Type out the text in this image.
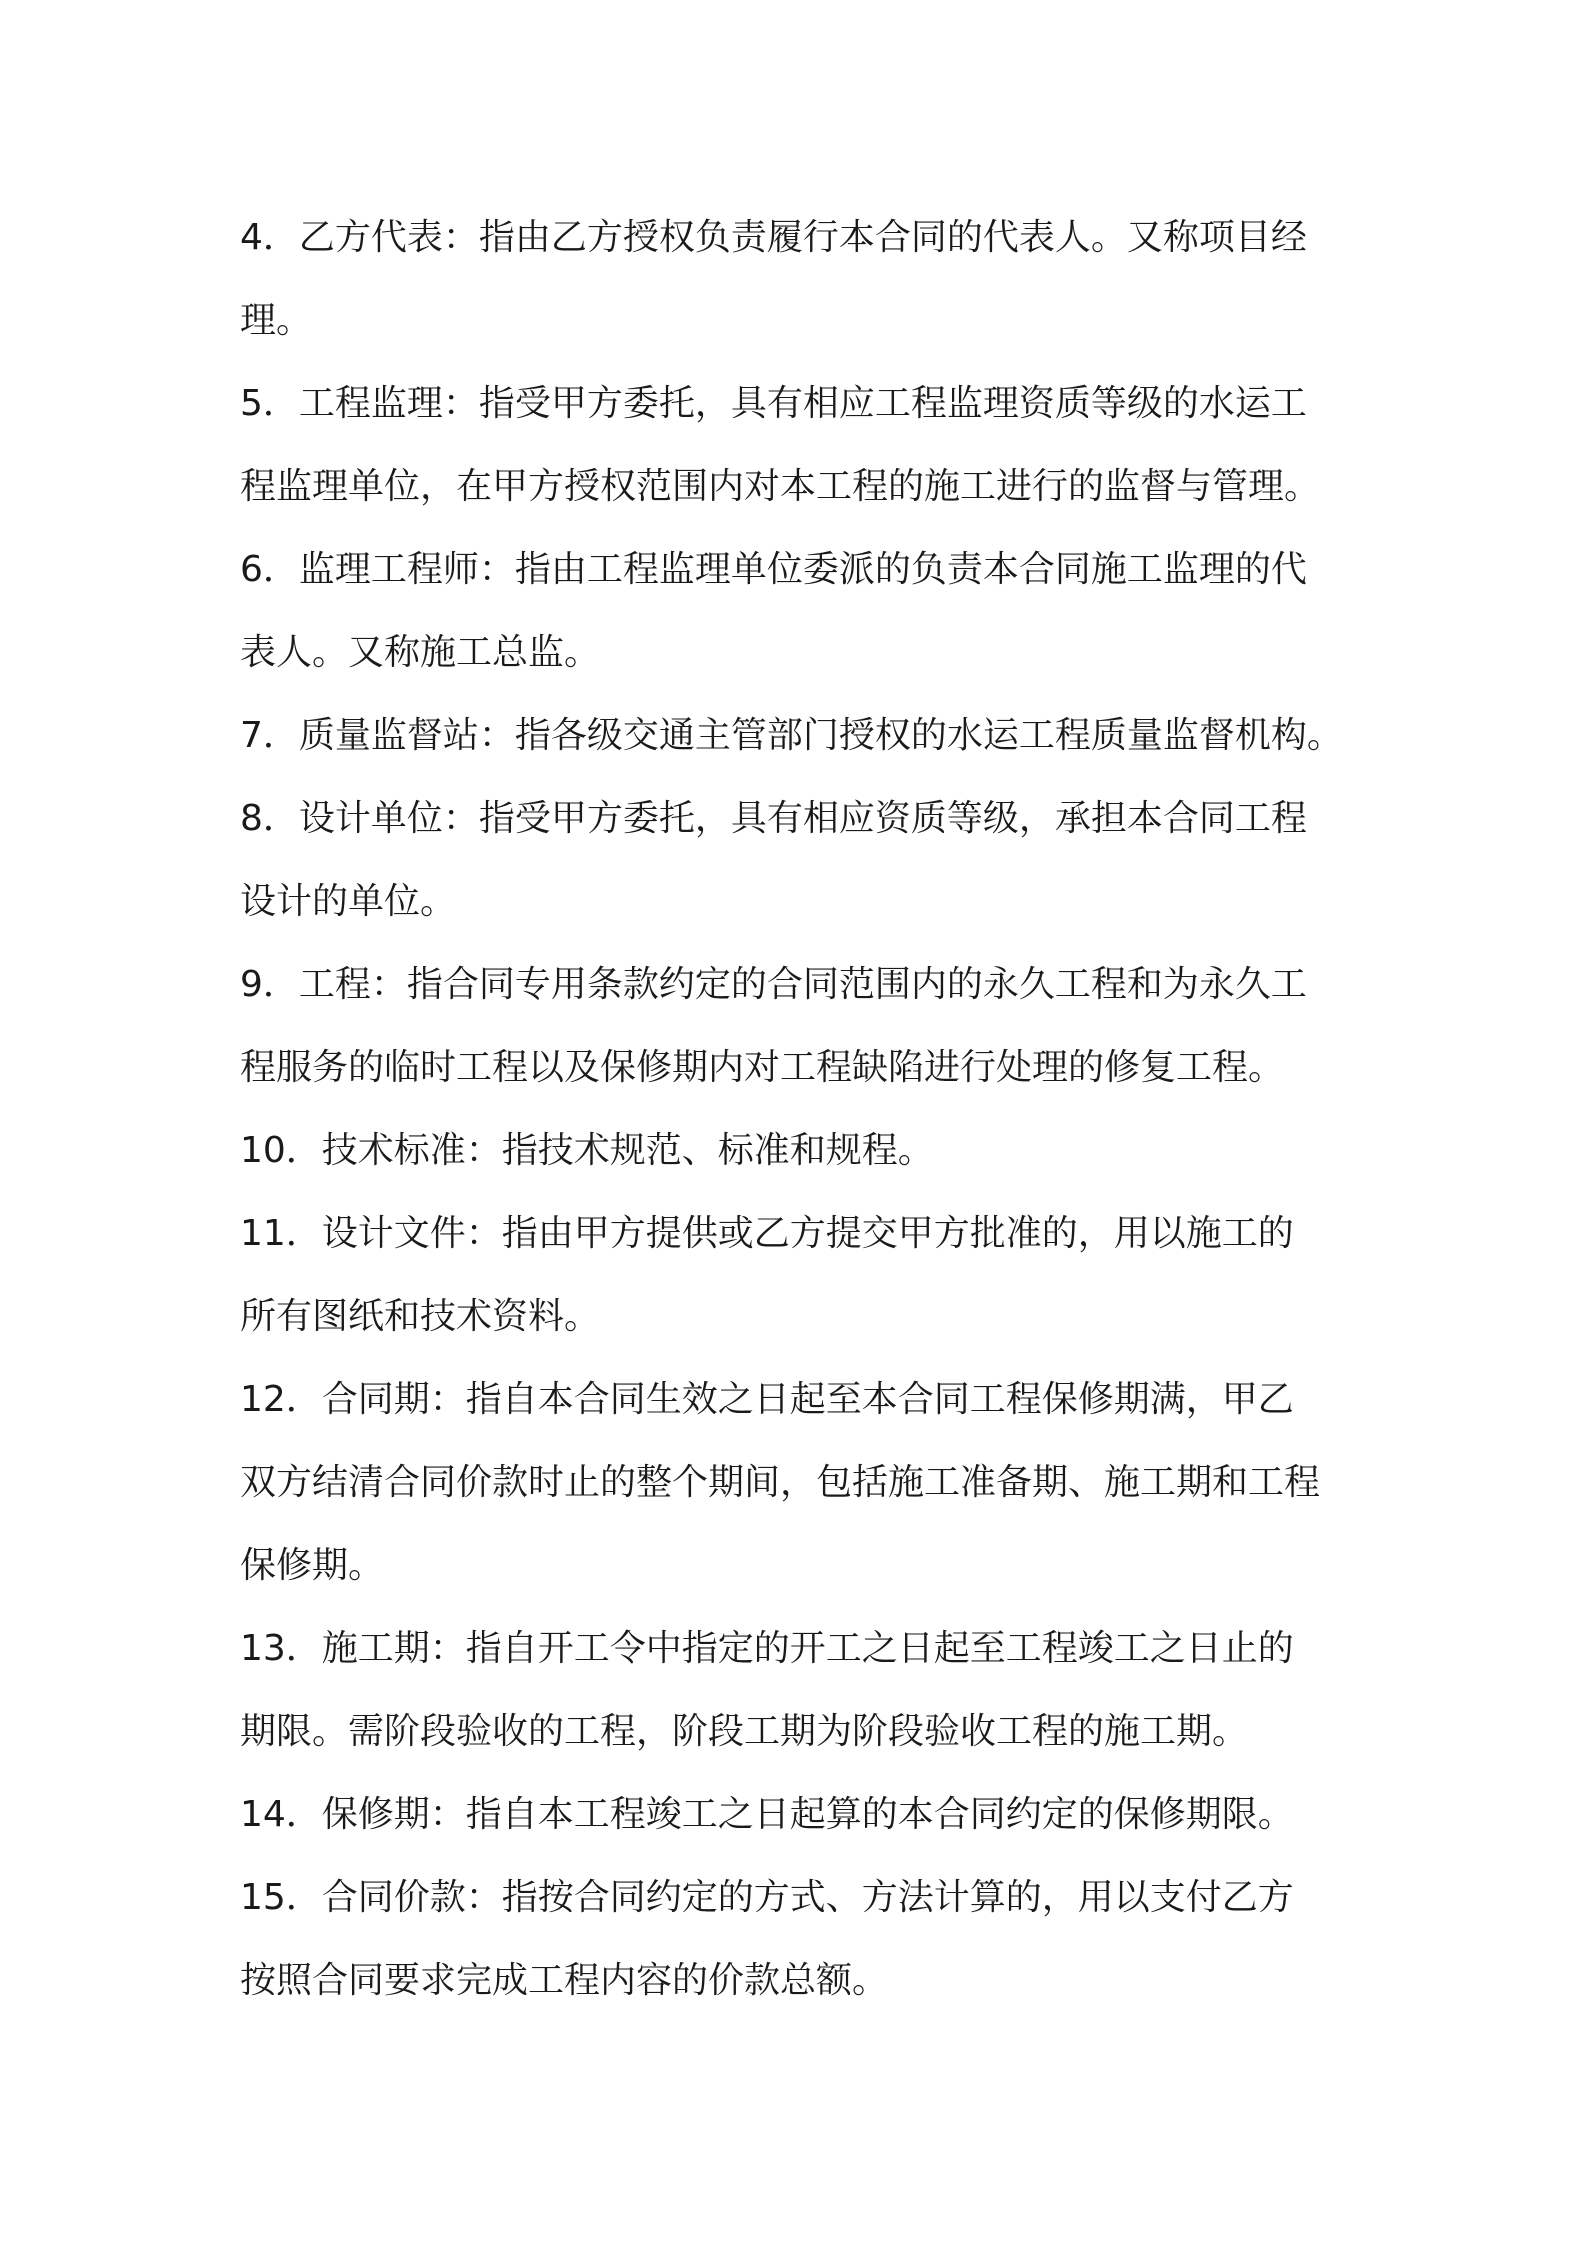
4．乙方代表：指由乙方授权负责履行本合同的代表人。又称项目经
理。
5．工程监理：指受甲方委托，具有相应工程监理资质等级的水运工
程监理单位，在甲方授权范围内对本工程的施工进行的监督与管理。
6．监理工程师：指由工程监理单位委派的负责本合同施工监理的代
表人。又称施工总监。
7．质量监督站：指各级交通主管部门授权的水运工程质量监督机构。
8．设计单位：指受甲方委托，具有相应资质等级，承担本合同工程
设计的单位。
9．工程：指合同专用条款约定的合同范围内的永久工程和为永久工
程服务的临时工程以及保修期内对工程缺陷进行处理的修复工程。
10．技术标准：指技术规范、标准和规程。
11．设计文件：指由甲方提供或乙方提交甲方批准的，用以施工的
所有图纸和技术资料。
12．合同期：指自本合同生效之日起至本合同工程保修期满，甲乙
双方结清合同价款时止的整个期间，包括施工准备期、施工期和工程
保修期。
13．施工期：指自开工令中指定的开工之日起至工程竣工之日止的
期限。需阶段验收的工程，阶段工期为阶段验收工程的施工期。
14．保修期：指自本工程竣工之日起算的本合同约定的保修期限。
15．合同价款：指按合同约定的方式、方法计算的，用以支付乙方
按照合同要求完成工程内容的价款总额。
